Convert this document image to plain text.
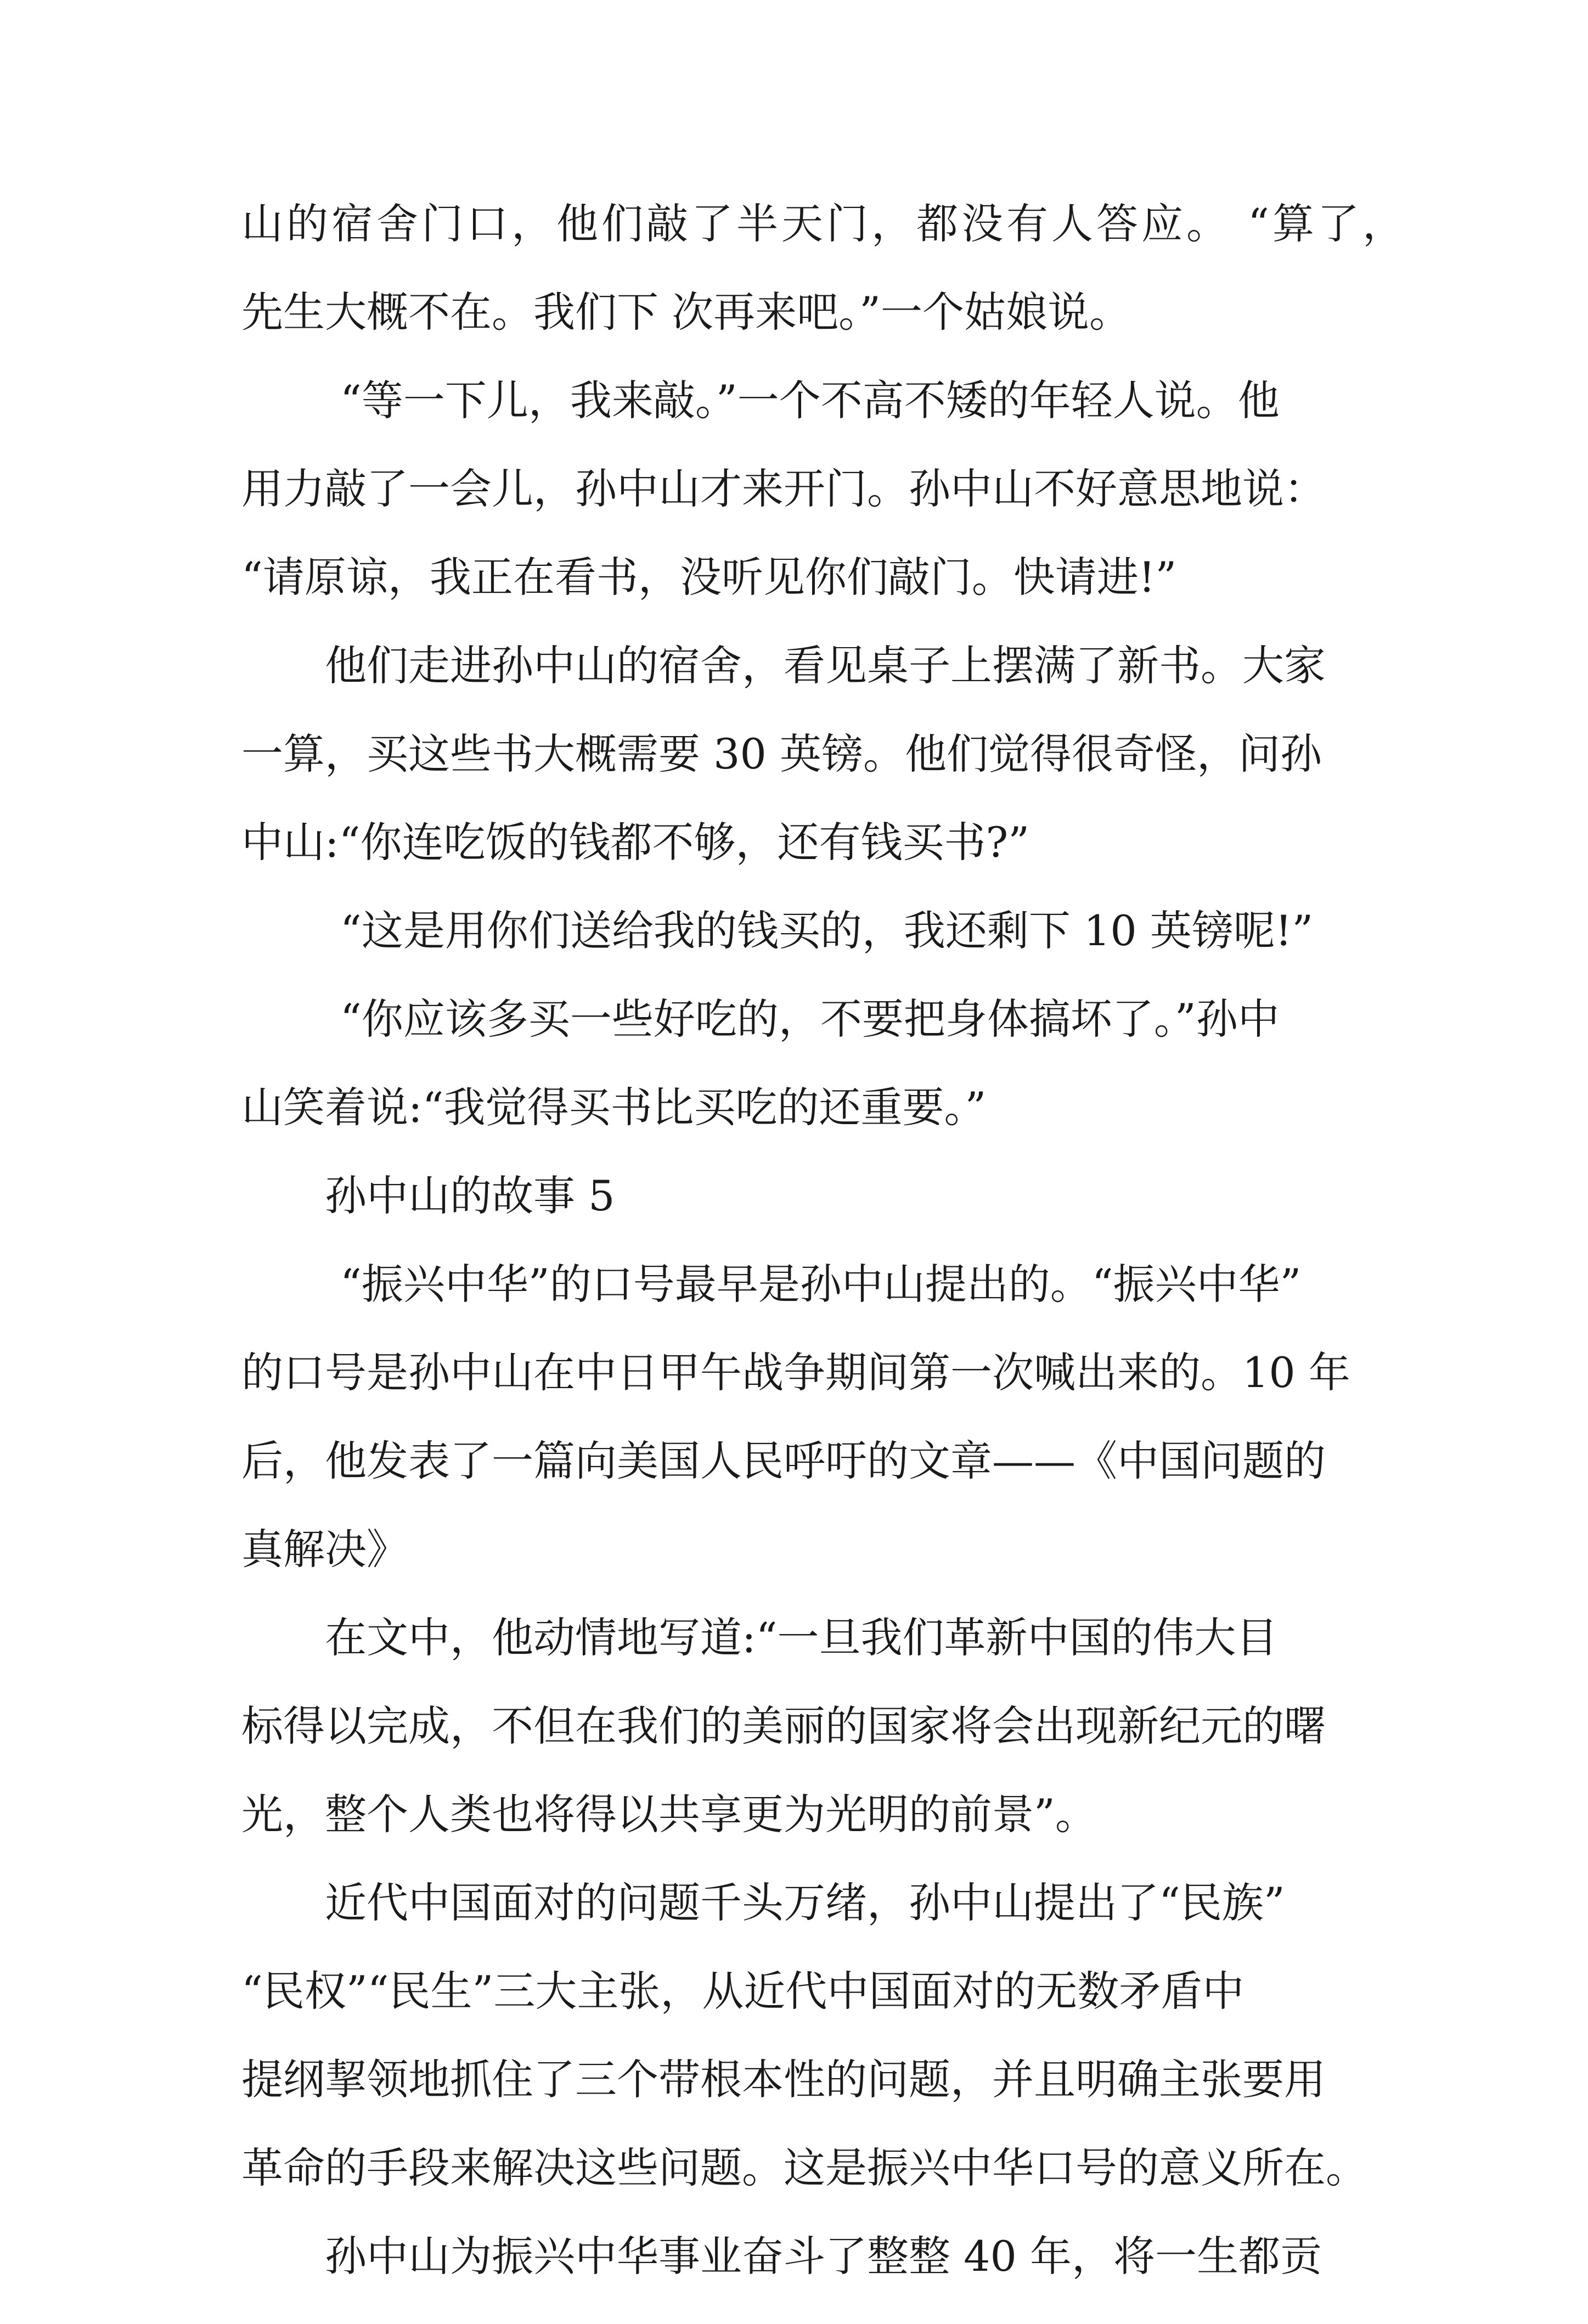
山的宿舍门口，他们敲了半天门，都没有人答应。 “算了，
先生大概不在。我们下 次再来吧。”一个姑娘说。
“等一下儿，我来敲。”一个不高不矮的年轻人说。他
用力敲了一会儿，孙中山才来开门。孙中山不好意思地说：
“请原谅，我正在看书，没听见你们敲门。快请进!”
他们走进孙中山的宿舍，看见桌子上摆满了新书。大家
一算，买这些书大概需要 30 英镑。他们觉得很奇怪，问孙
中山:“你连吃饭的钱都不够，还有钱买书?”
“这是用你们送给我的钱买的，我还剩下 10 英镑呢!”
“你应该多买一些好吃的，不要把身体搞坏了。”孙中
山笑着说:“我觉得买书比买吃的还重要。”
孙中山的故事 5
“振兴中华”的口号最早是孙中山提出的。“振兴中华”
的口号是孙中山在中日甲午战争期间第一次喊出来的。10 年
后，他发表了一篇向美国人民呼吁的文章——《中国问题的
真解决》
在文中，他动情地写道:“一旦我们革新中国的伟大目
标得以完成，不但在我们的美丽的国家将会出现新纪元的曙
光，整个人类也将得以共享更为光明的前景”。
近代中国面对的问题千头万绪，孙中山提出了“民族”
“民权”“民生”三大主张，从近代中国面对的无数矛盾中
提纲挈领地抓住了三个带根本性的问题，并且明确主张要用
革命的手段来解决这些问题。这是振兴中华口号的意义所在。
孙中山为振兴中华事业奋斗了整整 40 年，将一生都贡
